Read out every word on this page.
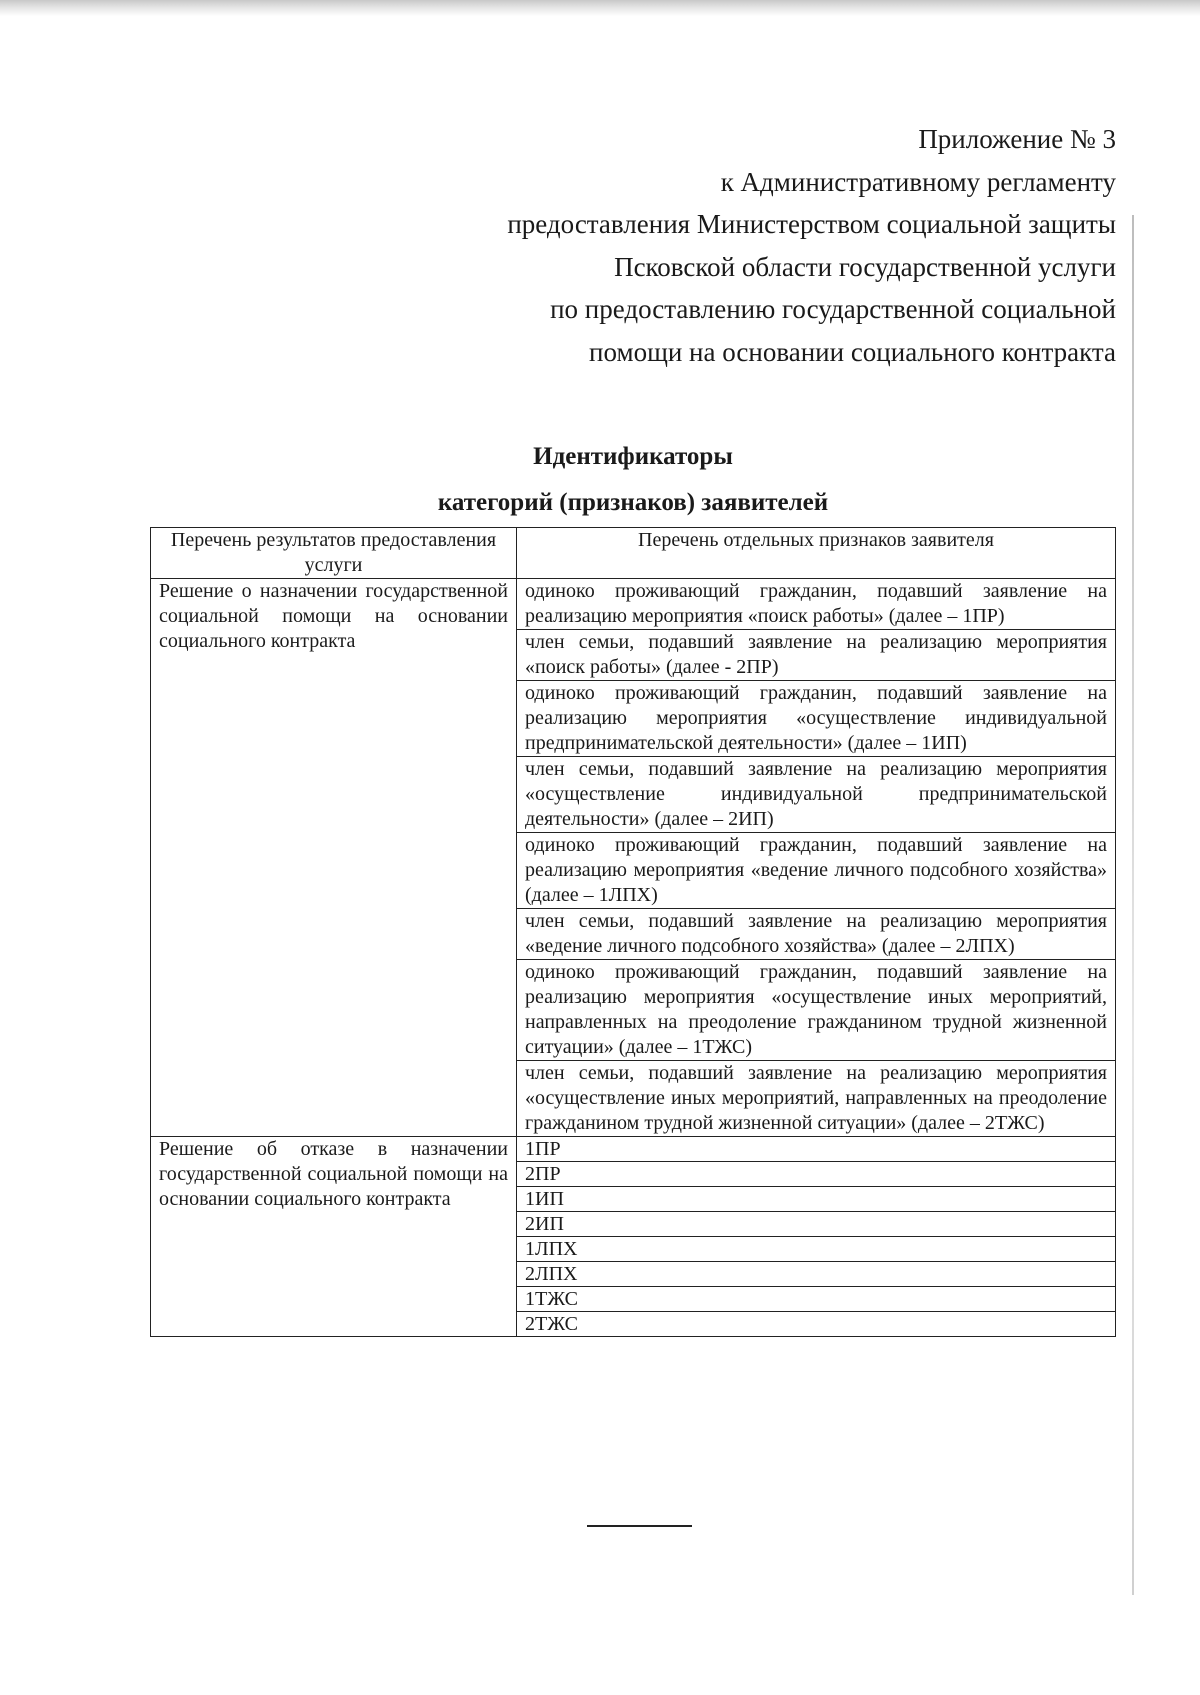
Приложение № 3
к Административному регламенту
предоставления Министерством социальной защиты
Псковской области государственной услуги
по предоставлению государственной социальной
помощи на основании социального контракта
Идентификаторы
категорий (признаков) заявителей
Перечень результатов предоставления услуги	Перечень отдельных признаков заявителя
Решение о назначении государственной социальной помощи на основании социального контракта	одиноко проживающий гражданин, подавший заявление на реализацию мероприятия «поиск работы» (далее – 1ПР)
	член семьи, подавший заявление на реализацию мероприятия «поиск работы» (далее - 2ПР)
	одиноко проживающий гражданин, подавший заявление на реализацию мероприятия «осуществление индивидуальной предпринимательской деятельности» (далее – 1ИП)
	член семьи, подавший заявление на реализацию мероприятия «осуществление индивидуальной предпринимательской деятельности» (далее – 2ИП)
	одиноко проживающий гражданин, подавший заявление на реализацию мероприятия «ведение личного подсобного хозяйства» (далее – 1ЛПХ)
	член семьи, подавший заявление на реализацию мероприятия «ведение личного подсобного хозяйства» (далее – 2ЛПХ)
	одиноко проживающий гражданин, подавший заявление на реализацию мероприятия «осуществление иных мероприятий, направленных на преодоление гражданином трудной жизненной ситуации» (далее – 1ТЖС)
	член семьи, подавший заявление на реализацию мероприятия «осуществление иных мероприятий, направленных на преодоление гражданином трудной жизненной ситуации» (далее – 2ТЖС)
Решение об отказе в назначении государственной социальной помощи на основании социального контракта	1ПР
	2ПР
	1ИП
	2ИП
	1ЛПХ
	2ЛПХ
	1ТЖС
	2ТЖС
